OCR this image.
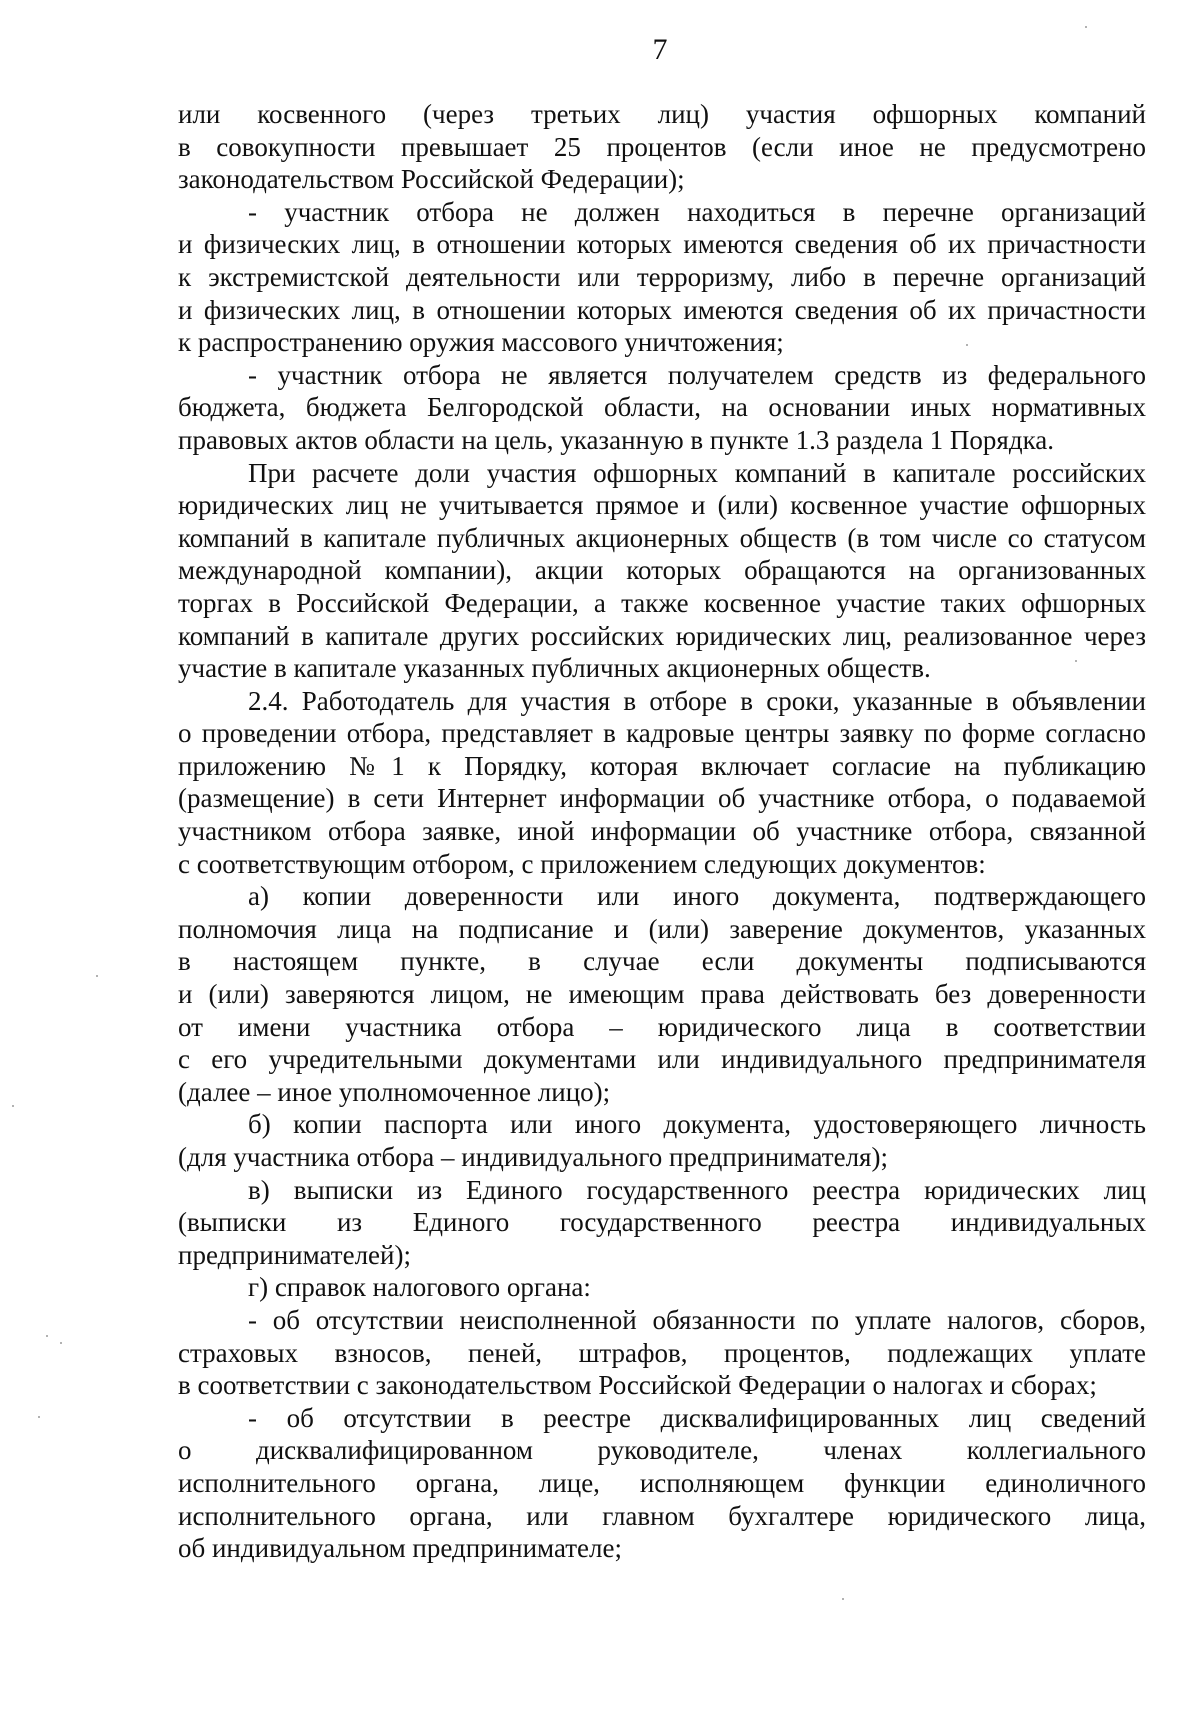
7
или косвенного (через третьих лиц) участия офшорных компаний
в совокупности превышает 25 процентов (если иное не предусмотрено
законодательством Российской Федерации);
- участник отбора не должен находиться в перечне организаций
и физических лиц, в отношении которых имеются сведения об их причастности
к экстремистской деятельности или терроризму, либо в перечне организаций
и физических лиц, в отношении которых имеются сведения об их причастности
к распространению оружия массового уничтожения;
- участник отбора не является получателем средств из федерального
бюджета, бюджета Белгородской области, на основании иных нормативных
правовых актов области на цель, указанную в пункте 1.3 раздела 1 Порядка.
При расчете доли участия офшорных компаний в капитале российских
юридических лиц не учитывается прямое и (или) косвенное участие офшорных
компаний в капитале публичных акционерных обществ (в том числе со статусом
международной компании), акции которых обращаются на организованных
торгах в Российской Федерации, а также косвенное участие таких офшорных
компаний в капитале других российских юридических лиц, реализованное через
участие в капитале указанных публичных акционерных обществ.
2.4. Работодатель для участия в отборе в сроки, указанные в объявлении
о проведении отбора, представляет в кадровые центры заявку по форме согласно
приложению №1 к Порядку, которая включает согласие на публикацию
(размещение) в сети Интернет информации об участнике отбора, о подаваемой
участником отбора заявке, иной информации об участнике отбора, связанной
с соответствующим отбором, с приложением следующих документов:
а) копии доверенности или иного документа, подтверждающего
полномочия лица на подписание и (или) заверение документов, указанных
в настоящем пункте, в случае если документы подписываются
и (или) заверяются лицом, не имеющим права действовать без доверенности
от имени участника отбора – юридического лица в соответствии
с его учредительными документами или индивидуального предпринимателя
(далее – иное уполномоченное лицо);
б) копии паспорта или иного документа, удостоверяющего личность
(для участника отбора – индивидуального предпринимателя);
в) выписки из Единого государственного реестра юридических лиц
(выписки из Единого государственного реестра индивидуальных
предпринимателей);
г) справок налогового органа:
- об отсутствии неисполненной обязанности по уплате налогов, сборов,
страховых взносов, пеней, штрафов, процентов, подлежащих уплате
в соответствии с законодательством Российской Федерации о налогах и сборах;
- об отсутствии в реестре дисквалифицированных лиц сведений
о дисквалифицированном руководителе, членах коллегиального
исполнительного органа, лице, исполняющем функции единоличного
исполнительного органа, или главном бухгалтере юридического лица,
об индивидуальном предпринимателе;
